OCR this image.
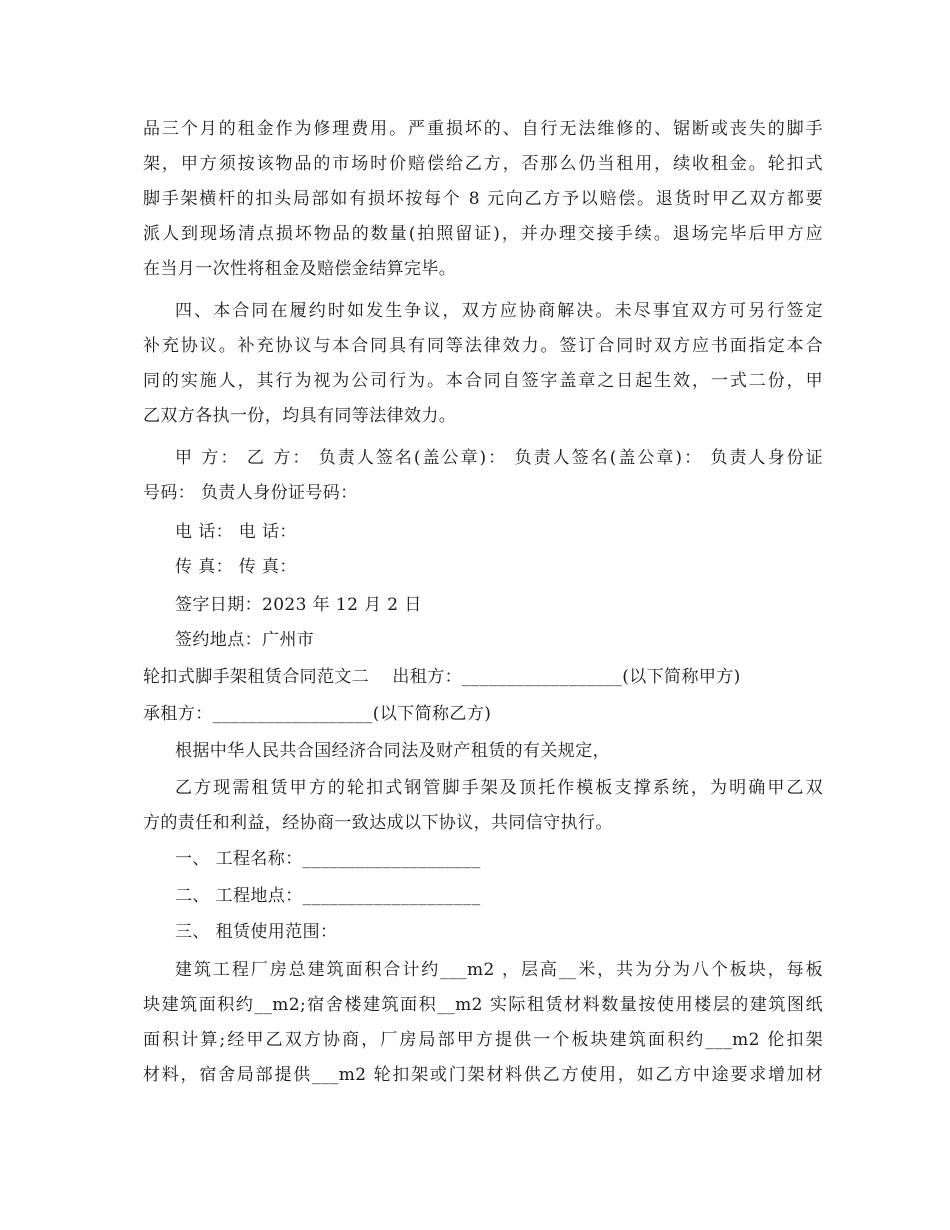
品三个月的租金作为修理费用。严重损坏的、自行无法维修的、锯断或丧失的脚手
架，甲方须按该物品的市场时价赔偿给乙方，否那么仍当租用，续收租金。轮扣式
脚手架横杆的扣头局部如有损坏按每个 8 元向乙方予以赔偿。退货时甲乙双方都要
派人到现场清点损坏物品的数量(拍照留证)，并办理交接手续。退场完毕后甲方应
在当月一次性将租金及赔偿金结算完毕。
四、本合同在履约时如发生争议，双方应协商解决。未尽事宜双方可另行签定
补充协议。补充协议与本合同具有同等法律效力。签订合同时双方应书面指定本合
同的实施人，其行为视为公司行为。本合同自签字盖章之日起生效，一式二份，甲
乙双方各执一份，均具有同等法律效力。
甲 方： 乙 方： 负责人签名(盖公章)： 负责人签名(盖公章)： 负责人身份证
号码： 负责人身份证号码：
电 话： 电 话：
传 真： 传 真：
签字日期：2023 年 12 月 2 日
签约地点：广州市
轮扣式脚手架租赁合同范文二    出租方：__________________(以下简称甲方)
承租方：__________________(以下简称乙方)
根据中华人民共合国经济合同法及财产租赁的有关规定，
乙方现需租赁甲方的轮扣式钢管脚手架及顶托作模板支撑系统，为明确甲乙双
方的责任和利益，经协商一致达成以下协议，共同信守执行。
一、 工程名称：____________________
二、 工程地点：____________________
三、 租赁使用范围：
建筑工程厂房总建筑面积合计约___m2 ，层高__米，共为分为八个板块，每板
块建筑面积约__m2;宿舍楼建筑面积__m2 实际租赁材料数量按使用楼层的建筑图纸
面积计算;经甲乙双方协商，厂房局部甲方提供一个板块建筑面积约___m2 伦扣架
材料，宿舍局部提供___m2 轮扣架或门架材料供乙方使用，如乙方中途要求增加材
